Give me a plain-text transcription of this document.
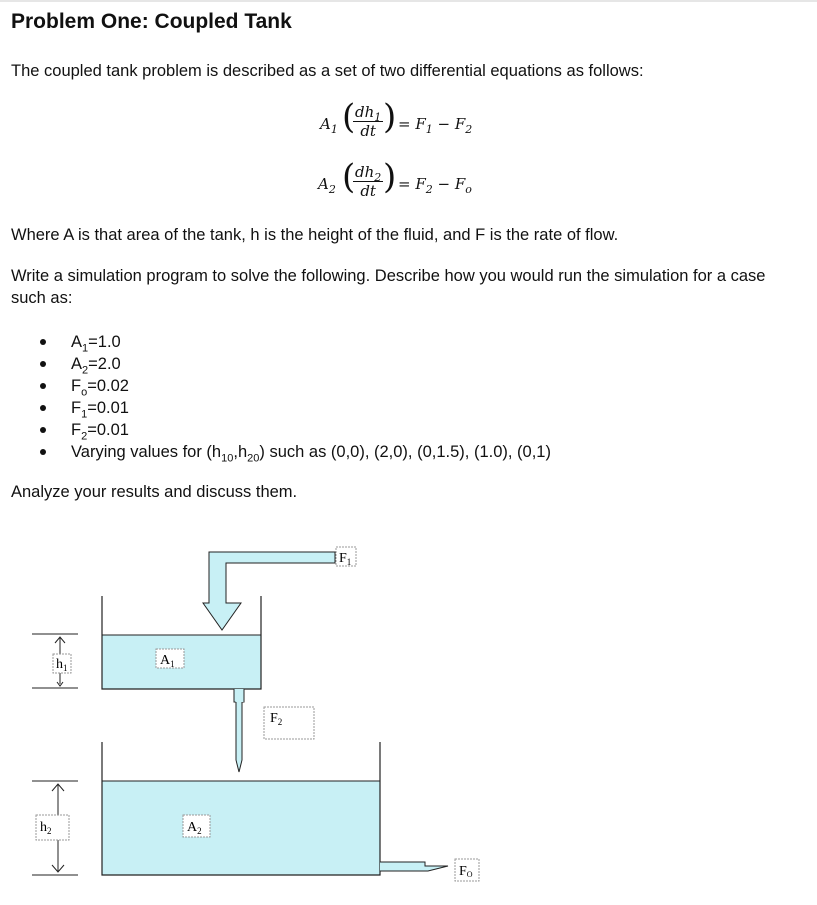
Problem One: Coupled Tank

The coupled tank problem is described as a set of two differential equations as follows:

$A_1$ (
$\frac{dh_1}{dt}$ ) = $F_1 - F_2$
$A_2$ (
$\frac{dh_2}{dt}$ ) = $F_2 - F_o$

Where A is that area of the tank, h is the height of the fluid, and F is the rate of flow.

Write a simulation program to solve the following. Describe how you would run the simulation for a case such as:

$A_1=1.0$
$A_2=2.0$
$F_o=0.02$
$F_1=0.01$
$F_2=0.01$
Varying values for $(h_{10},h_{20})$ such as (0,0), (2,0), (0,1.5), (1.0), (0,1)

Analyze your results and discuss them.

$F_1$
$A_1$
$h_1$
$F_2$
$A_2$
$h_2$
FO
